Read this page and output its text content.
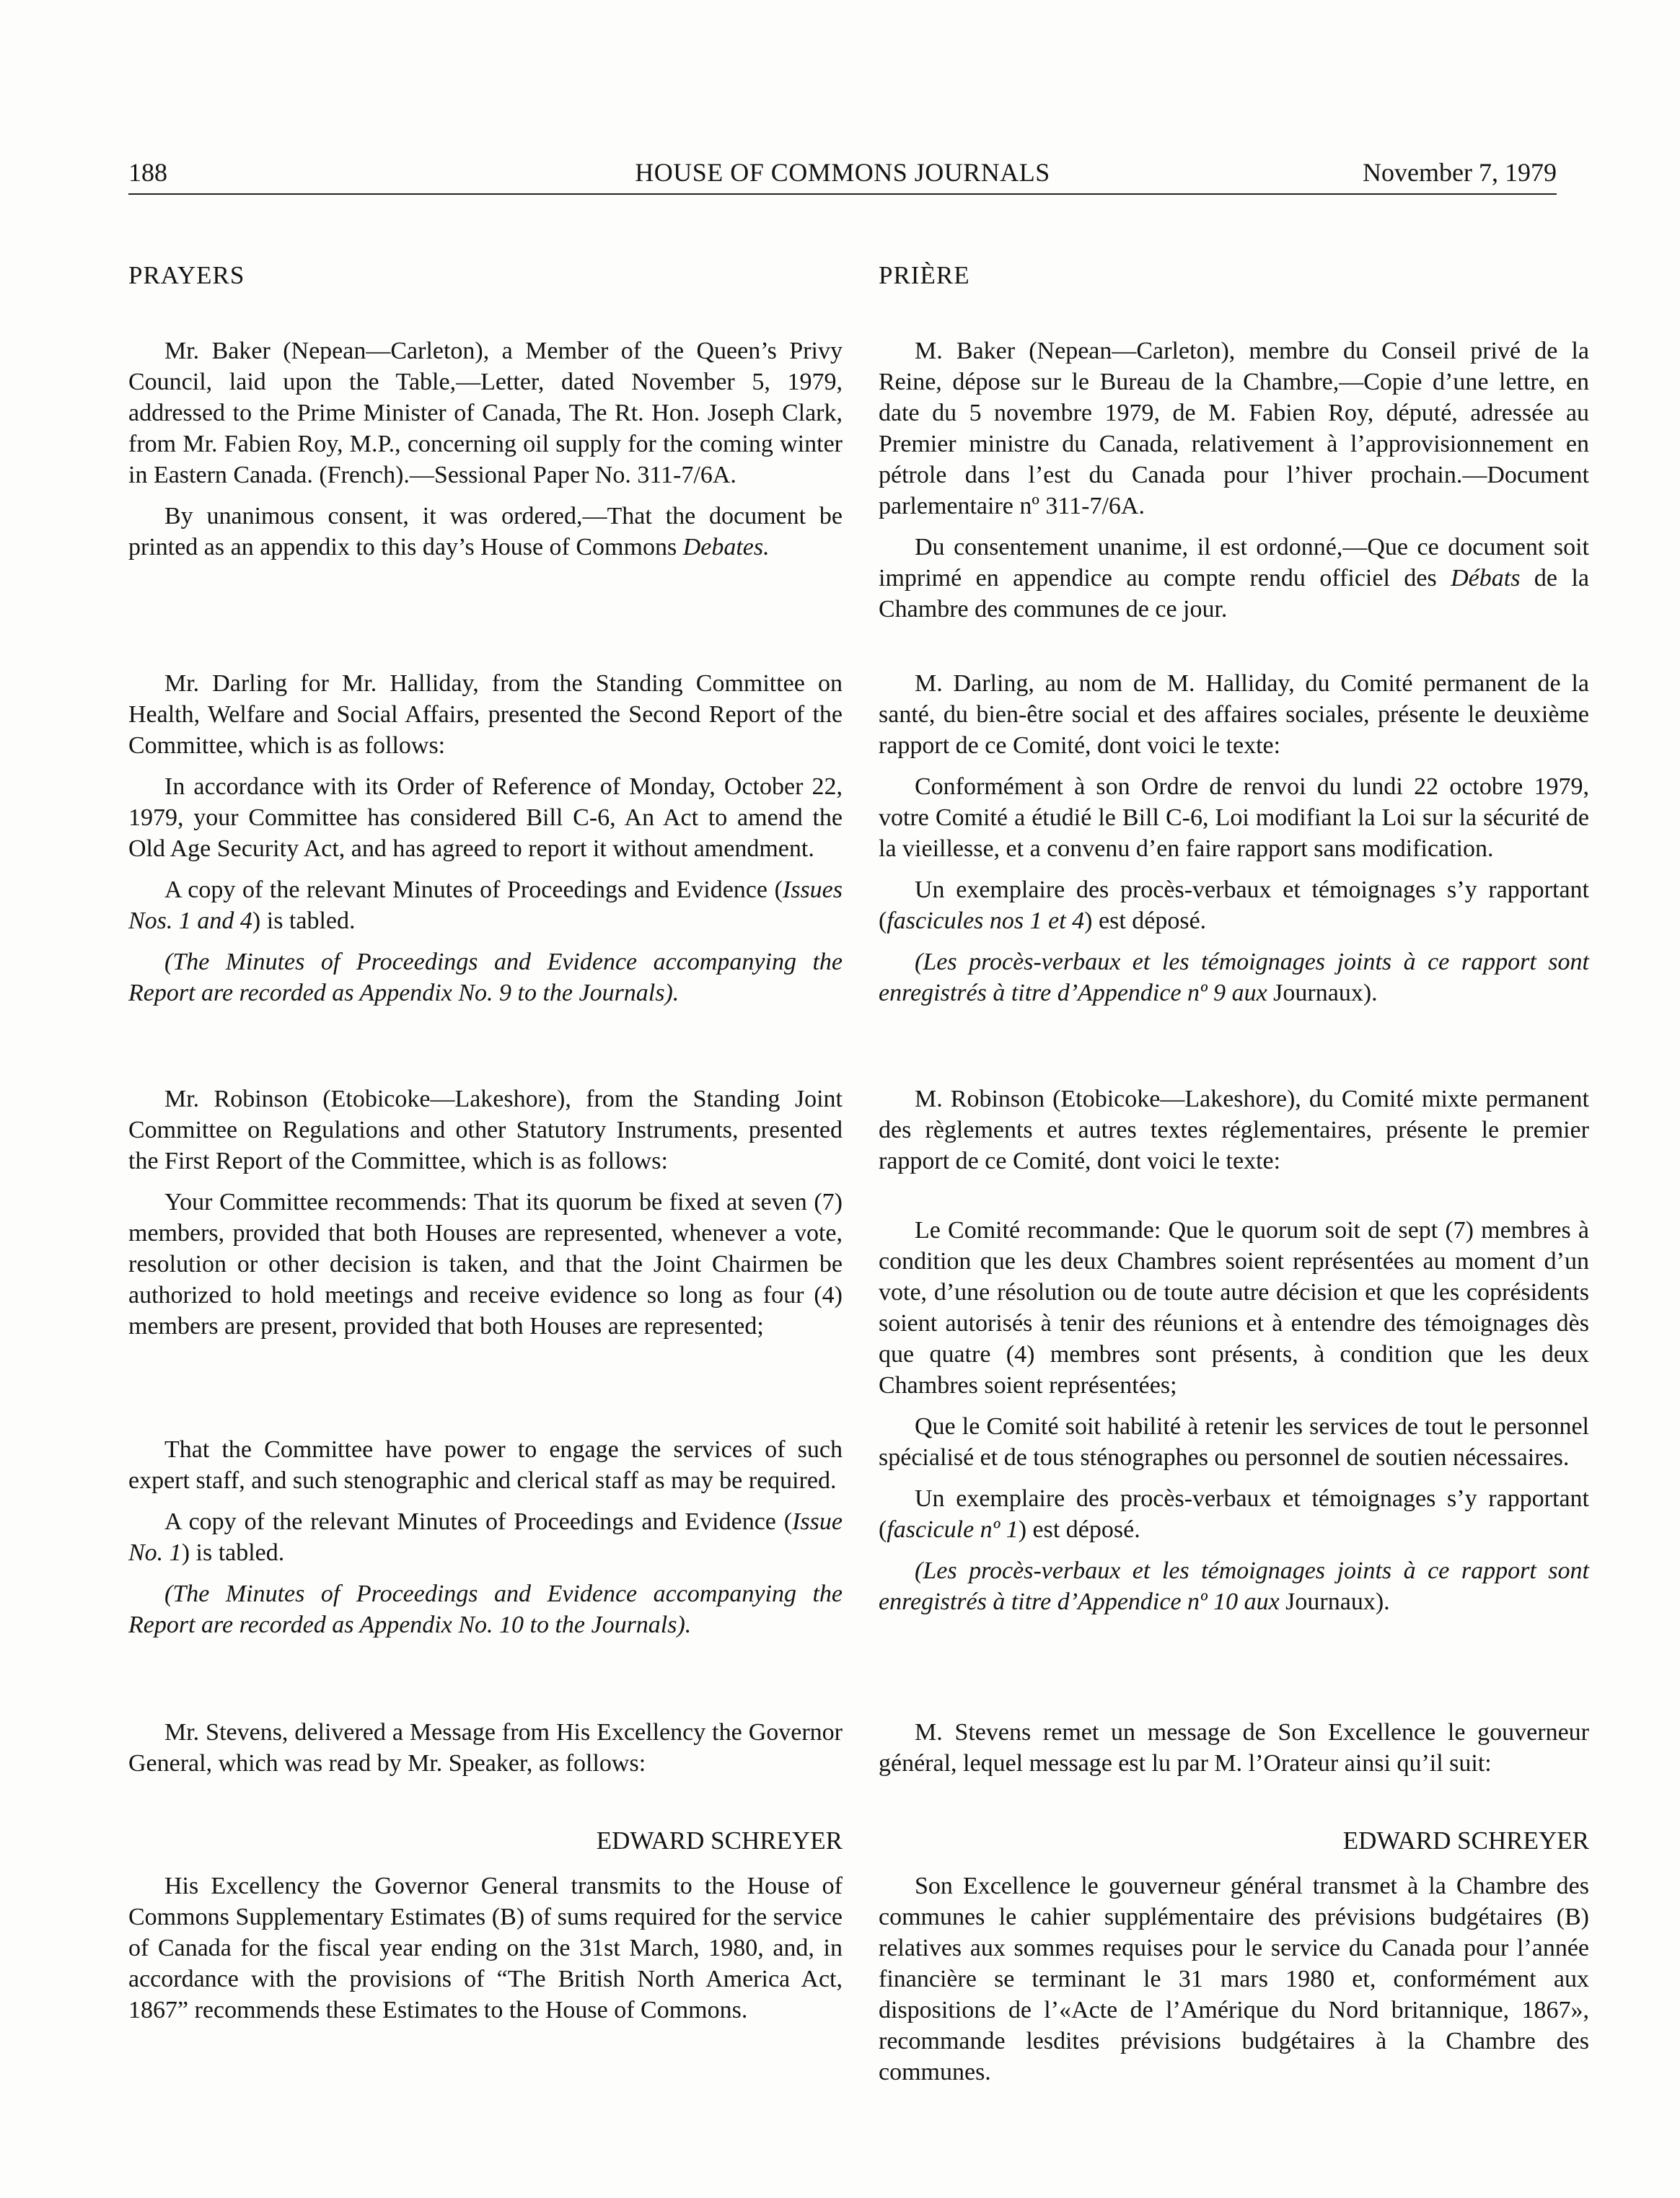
188	HOUSE OF COMMONS JOURNALS	November 7, 1979

PRAYERS

Mr. Baker (Nepean—Carleton), a Member of the Queen’s Privy Council, laid upon the Table,—Letter, dated November 5, 1979, addressed to the Prime Minister of Canada, The Rt. Hon. Joseph Clark, from Mr. Fabien Roy, M.P., concerning oil supply for the coming winter in Eastern Canada. (French).—Sessional Paper No. 311-7/6A.

By unanimous consent, it was ordered,—That the document be printed as an appendix to this day’s House of Commons Debates.

Mr. Darling for Mr. Halliday, from the Standing Committee on Health, Welfare and Social Affairs, presented the Second Report of the Committee, which is as follows:

In accordance with its Order of Reference of Monday, October 22, 1979, your Committee has considered Bill C-6, An Act to amend the Old Age Security Act, and has agreed to report it without amendment.

A copy of the relevant Minutes of Proceedings and Evidence (Issues Nos. 1 and 4) is tabled.

(The Minutes of Proceedings and Evidence accompanying the Report are recorded as Appendix No. 9 to the Journals).

Mr. Robinson (Etobicoke—Lakeshore), from the Standing Joint Committee on Regulations and other Statutory Instruments, presented the First Report of the Committee, which is as follows:

Your Committee recommends: That its quorum be fixed at seven (7) members, provided that both Houses are represented, whenever a vote, resolution or other decision is taken, and that the Joint Chairmen be authorized to hold meetings and receive evidence so long as four (4) members are present, provided that both Houses are represented;

That the Committee have power to engage the services of such expert staff, and such stenographic and clerical staff as may be required.

A copy of the relevant Minutes of Proceedings and Evidence (Issue No. 1) is tabled.

(The Minutes of Proceedings and Evidence accompanying the Report are recorded as Appendix No. 10 to the Journals).

Mr. Stevens, delivered a Message from His Excellency the Governor General, which was read by Mr. Speaker, as follows:

EDWARD SCHREYER

His Excellency the Governor General transmits to the House of Commons Supplementary Estimates (B) of sums required for the service of Canada for the fiscal year ending on the 31st March, 1980, and, in accordance with the provisions of “The British North America Act, 1867” recommends these Estimates to the House of Commons.

PRIÈRE

M. Baker (Nepean—Carleton), membre du Conseil privé de la Reine, dépose sur le Bureau de la Chambre,—Copie d’une lettre, en date du 5 novembre 1979, de M. Fabien Roy, député, adressée au Premier ministre du Canada, relativement à l’approvisionnement en pétrole dans l’est du Canada pour l’hiver prochain.—Document parlementaire nº 311-7/6A.

Du consentement unanime, il est ordonné,—Que ce document soit imprimé en appendice au compte rendu officiel des Débats de la Chambre des communes de ce jour.

M. Darling, au nom de M. Halliday, du Comité permanent de la santé, du bien-être social et des affaires sociales, présente le deuxième rapport de ce Comité, dont voici le texte:

Conformément à son Ordre de renvoi du lundi 22 octobre 1979, votre Comité a étudié le Bill C-6, Loi modifiant la Loi sur la sécurité de la vieillesse, et a convenu d’en faire rapport sans modification.

Un exemplaire des procès-verbaux et témoignages s’y rapportant (fascicules nos 1 et 4) est déposé.

(Les procès-verbaux et les témoignages joints à ce rapport sont enregistrés à titre d’Appendice nº 9 aux Journaux).

M. Robinson (Etobicoke—Lakeshore), du Comité mixte permanent des règlements et autres textes réglementaires, présente le premier rapport de ce Comité, dont voici le texte:

Le Comité recommande: Que le quorum soit de sept (7) membres à condition que les deux Chambres soient représentées au moment d’un vote, d’une résolution ou de toute autre décision et que les coprésidents soient autorisés à tenir des réunions et à entendre des témoignages dès que quatre (4) membres sont présents, à condition que les deux Chambres soient représentées;

Que le Comité soit habilité à retenir les services de tout le personnel spécialisé et de tous sténographes ou personnel de soutien nécessaires.

Un exemplaire des procès-verbaux et témoignages s’y rapportant (fascicule nº 1) est déposé.

(Les procès-verbaux et les témoignages joints à ce rapport sont enregistrés à titre d’Appendice nº 10 aux Journaux).

M. Stevens remet un message de Son Excellence le gouverneur général, lequel message est lu par M. l’Orateur ainsi qu’il suit:

EDWARD SCHREYER

Son Excellence le gouverneur général transmet à la Chambre des communes le cahier supplémentaire des prévisions budgétaires (B) relatives aux sommes requises pour le service du Canada pour l’année financière se terminant le 31 mars 1980 et, conformément aux dispositions de l’«Acte de l’Amérique du Nord britannique, 1867», recommande lesdites prévisions budgétaires à la Chambre des communes.
